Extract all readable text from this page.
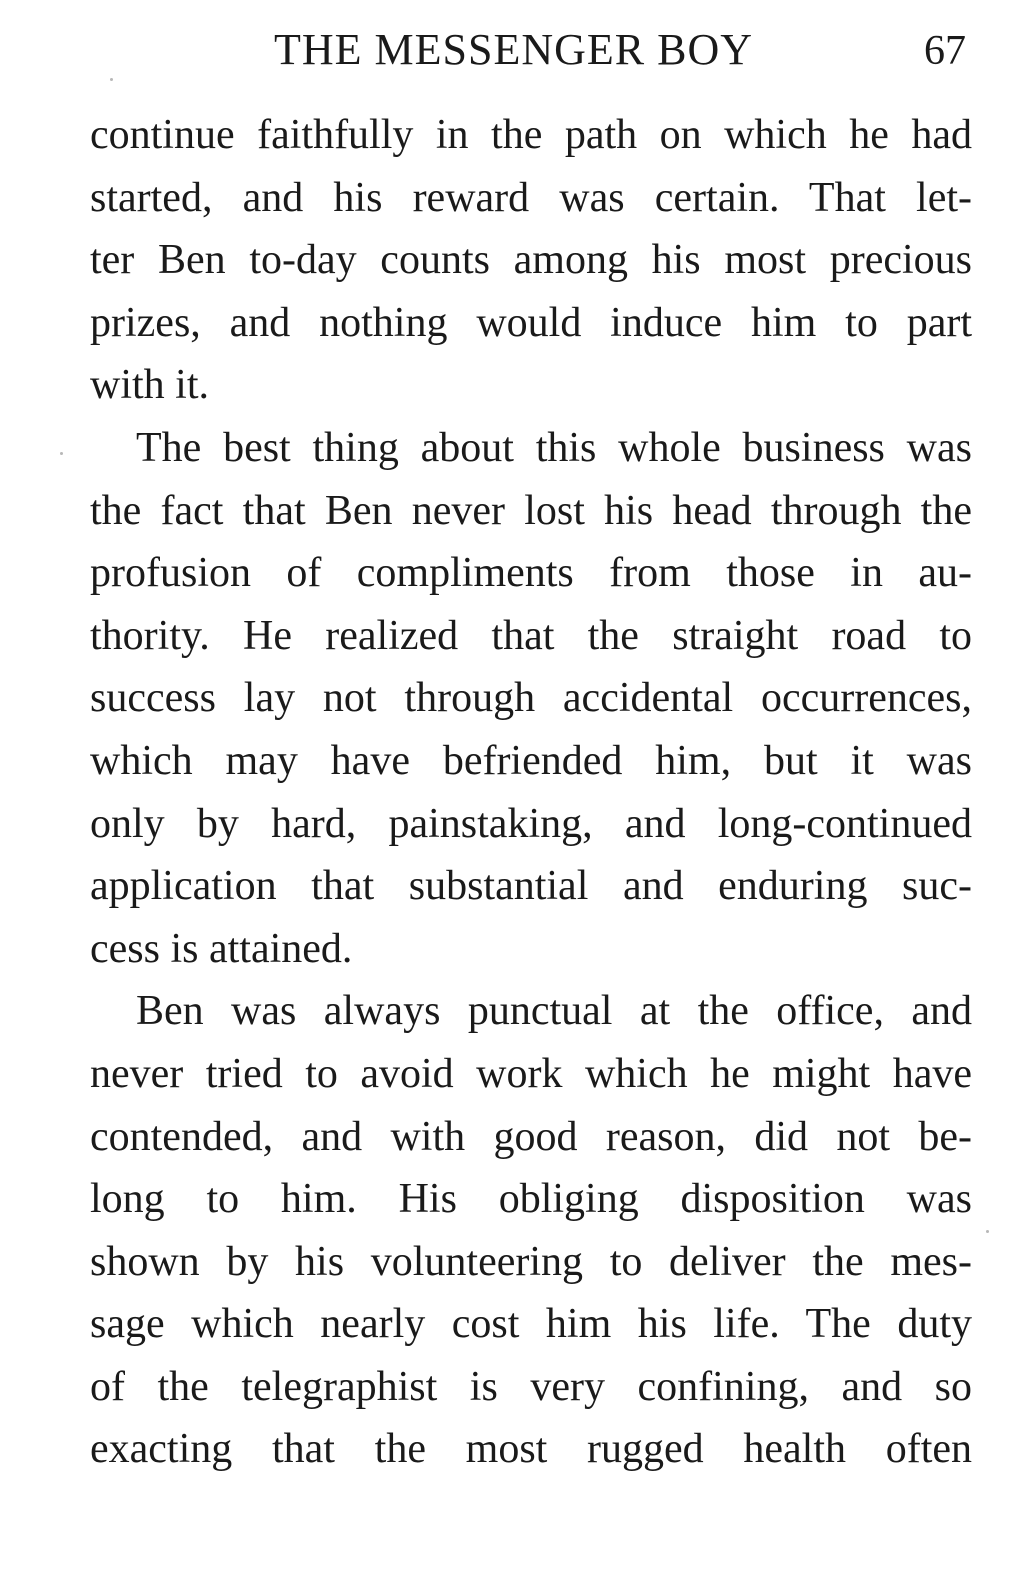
THE MESSENGER BOY	67
continue faithfully in the path on which he had
started, and his reward was certain. That let-
ter Ben to-day counts among his most precious
prizes, and nothing would induce him to part
with it.
The best thing about this whole business was
the fact that Ben never lost his head through the
profusion of compliments from those in au-
thority. He realized that the straight road to
success lay not through accidental occurrences,
which may have befriended him, but it was
only by hard, painstaking, and long-continued
application that substantial and enduring suc-
cess is attained.
Ben was always punctual at the office, and
never tried to avoid work which he might have
contended, and with good reason, did not be-
long to him. His obliging disposition was
shown by his volunteering to deliver the mes-
sage which nearly cost him his life. The duty
of the telegraphist is very confining, and so
exacting that the most rugged health often
